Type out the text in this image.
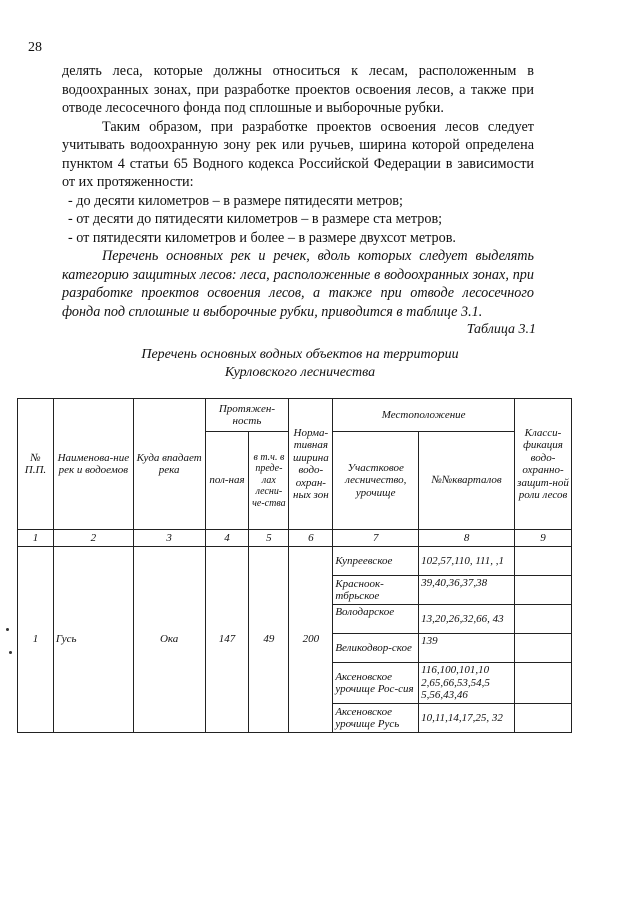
28

делять леса, которые должны относиться к лесам, расположенным в водоохранных зонах, при разработке проектов освоения лесов, а также при отводе лесосечного фонда под сплошные и выборочные рубки.

Таким образом, при разработке проектов освоения лесов следует учитывать водоохранную зону рек или ручьев, ширина которой определена пунктом 4 статьи 65 Водного кодекса Российской Федерации в зависимости от их протяженности:

- до десяти километров – в размере пятидесяти метров;

- от десяти до пятидесяти километров – в размере ста метров;

- от пятидесяти километров и более – в размере двухсот метров.

Перечень основных рек и речек, вдоль которых следует выделять категорию защитных лесов: леса, расположенные в водоохранных зонах, при разработке проектов освоения лесов, а также при отводе лесосечного фонда под сплошные и выборочные рубки, приводится в таблице 3.1.

Таблица 3.1
Перечень основных водных объектов на территории
Курловского лесничества
№ П.П.	Наименова-ние рек и водоемов	Куда впадает река	Протяжен-ность		Норма-тивная ширина водо-охран-ных зон	Местоположение		Класси-фикация водо-охранно-защит-ной роли лесов
			пол-ная	в т.ч. в преде-лах лесни-че-ства		Участковое лесничество, урочище	№№кварталов	
1	2	3	4	5	6	7	8	9
1	Гусь	Ока	147	49	200	Купреевское	102,57,110, 111, ,1	
						Красноок-тбрьское	39,40,36,37,38	
						Володарское	13,20,26,32,66, 43	
						Великодвор-ское	139	
						Аксеновское урочище Рос-сия	116,100,101,10 2,65,66,53,54,5 5,56,43,46	
						Аксеновское урочище Русь	10,11,14,17,25, 32	
